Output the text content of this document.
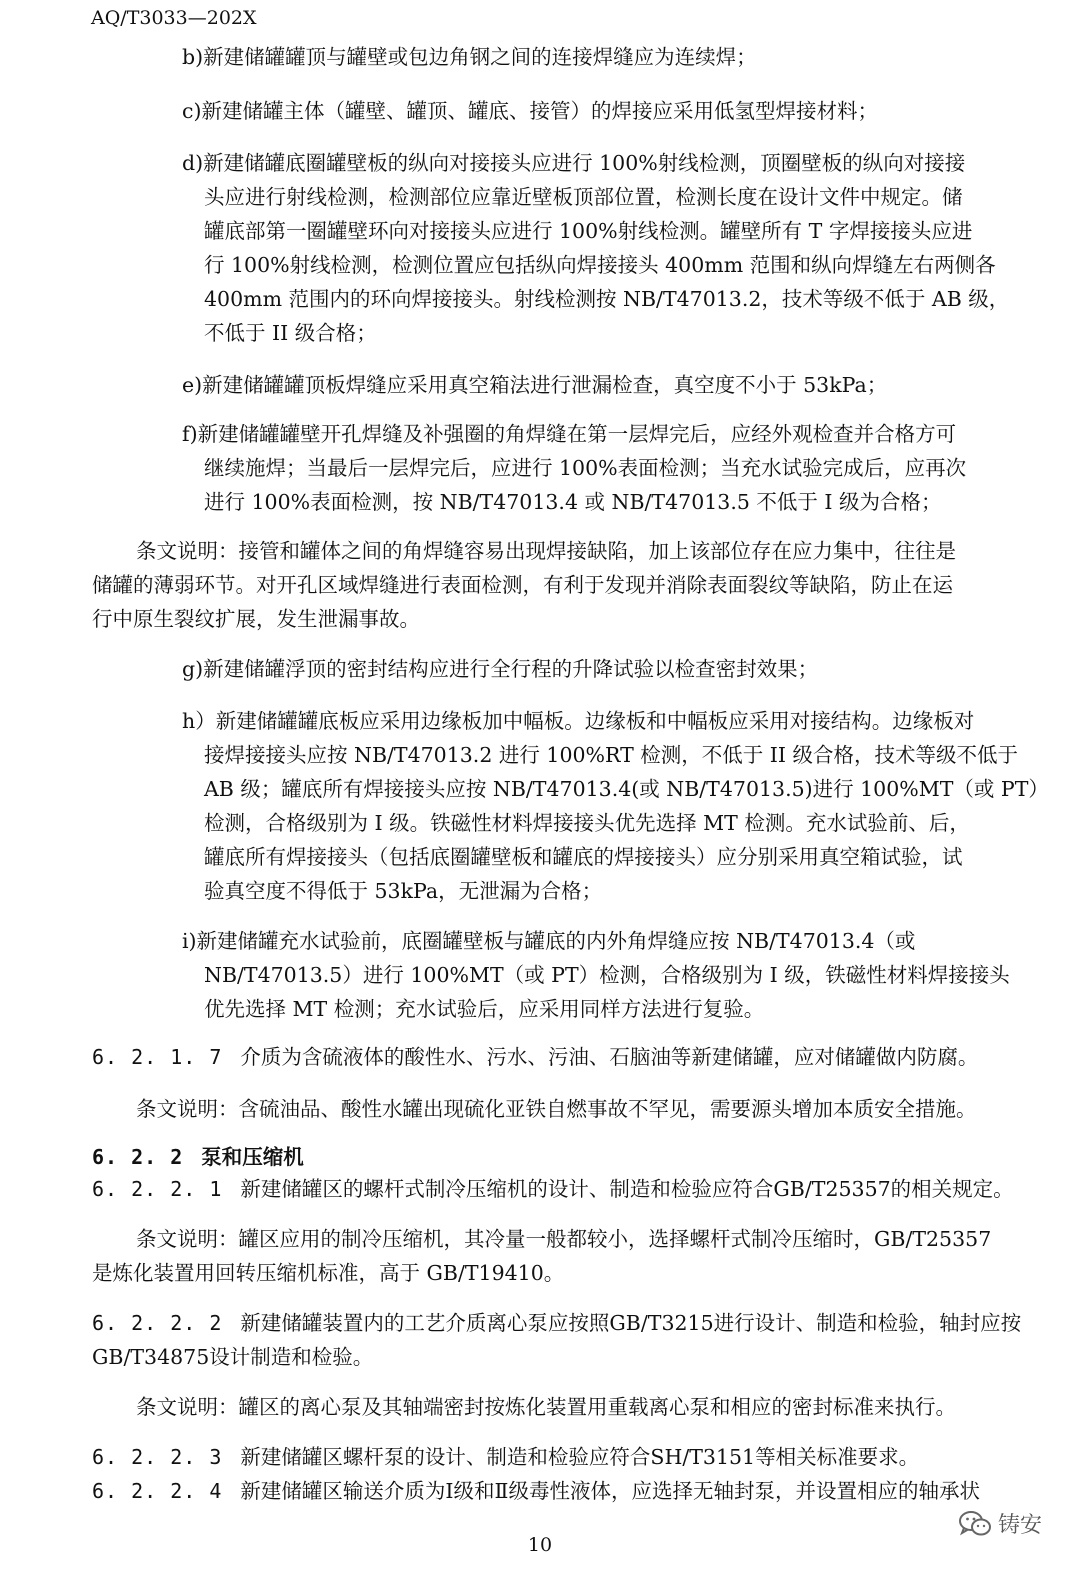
AQ/T3033—202X

b)新建储罐罐顶与罐壁或包边角钢之间的连接焊缝应为连续焊；

c)新建储罐主体（罐壁、罐顶、罐底、接管）的焊接应采用低氢型焊接材料；

d)新建储罐底圈罐壁板的纵向对接接头应进行 100%射线检测，顶圈壁板的纵向对接接

头应进行射线检测，检测部位应靠近壁板顶部位置，检测长度在设计文件中规定。储

罐底部第一圈罐壁环向对接接头应进行 100%射线检测。罐壁所有 T 字焊接接头应进

行 100%射线检测，检测位置应包括纵向焊接接头 400mm 范围和纵向焊缝左右两侧各

400mm 范围内的环向焊接接头。射线检测按 NB/T47013.2，技术等级不低于 AB 级，

不低于 II 级合格；

e)新建储罐罐顶板焊缝应采用真空箱法进行泄漏检查，真空度不小于 53kPa；

f)新建储罐罐壁开孔焊缝及补强圈的角焊缝在第一层焊完后，应经外观检查并合格方可

继续施焊；当最后一层焊完后，应进行 100%表面检测；当充水试验完成后，应再次

进行 100%表面检测，按 NB/T47013.4 或 NB/T47013.5 不低于 I 级为合格；

条文说明：接管和罐体之间的角焊缝容易出现焊接缺陷，加上该部位存在应力集中，往往是

储罐的薄弱环节。对开孔区域焊缝进行表面检测，有利于发现并消除表面裂纹等缺陷，防止在运

行中原生裂纹扩展，发生泄漏事故。

g)新建储罐浮顶的密封结构应进行全行程的升降试验以检查密封效果；

h）新建储罐罐底板应采用边缘板加中幅板。边缘板和中幅板应采用对接结构。边缘板对

接焊接接头应按 NB/T47013.2 进行 100%RT 检测，不低于 II 级合格，技术等级不低于

AB 级；罐底所有焊接接头应按 NB/T47013.4(或 NB/T47013.5)进行 100%MT（或 PT）

检测，合格级别为 I 级。铁磁性材料焊接接头优先选择 MT 检测。充水试验前、后，

罐底所有焊接接头（包括底圈罐壁板和罐底的焊接接头）应分别采用真空箱试验，试

验真空度不得低于 53kPa，无泄漏为合格；

i)新建储罐充水试验前，底圈罐壁板与罐底的内外角焊缝应按 NB/T47013.4（或

NB/T47013.5）进行 100%MT（或 PT）检测，合格级别为 I 级，铁磁性材料焊接接头

优先选择 MT 检测；充水试验后，应采用同样方法进行复验。

6. 2. 1. 7 介质为含硫液体的酸性水、污水、污油、石脑油等新建储罐，应对储罐做内防腐。

条文说明：含硫油品、酸性水罐出现硫化亚铁自燃事故不罕见，需要源头增加本质安全措施。

6. 2. 2 泵和压缩机

6. 2. 2. 1 新建储罐区的螺杆式制冷压缩机的设计、制造和检验应符合GB/T25357的相关规定。

条文说明：罐区应用的制冷压缩机，其冷量一般都较小，选择螺杆式制冷压缩时，GB/T25357

是炼化装置用回转压缩机标准，高于 GB/T19410。

6. 2. 2. 2 新建储罐装置内的工艺介质离心泵应按照GB/T3215进行设计、制造和检验，轴封应按

GB/T34875设计制造和检验。

条文说明：罐区的离心泵及其轴端密封按炼化装置用重载离心泵和相应的密封标准来执行。

6. 2. 2. 3 新建储罐区螺杆泵的设计、制造和检验应符合SH/T3151等相关标准要求。

6. 2. 2. 4 新建储罐区输送介质为Ⅰ级和Ⅱ级毒性液体，应选择无轴封泵，并设置相应的轴承状

铸安

10
